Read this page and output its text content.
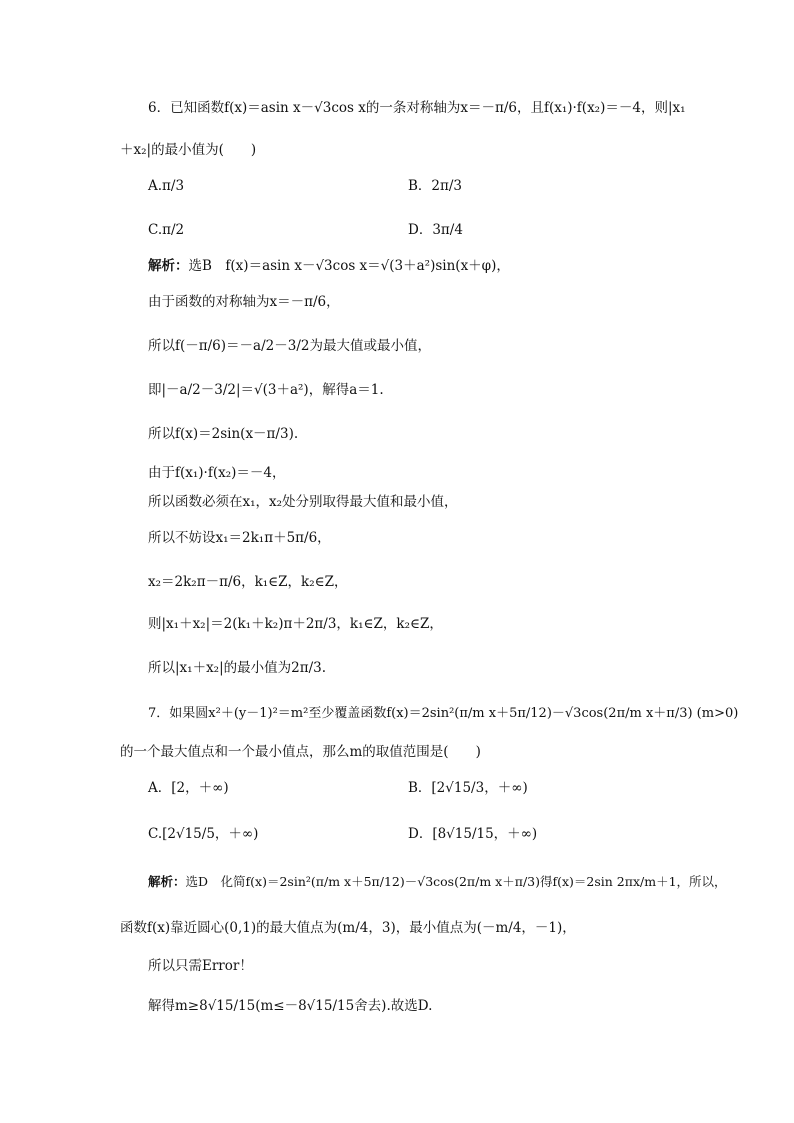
6．已知函数f(x)＝asin x－√3cos x的一条对称轴为x＝－π/6，且f(x₁)·f(x₂)＝－4，则|x₁
＋x₂|的最小值为(　　)
A.π/3	B．2π/3
C.π/2	D．3π/4
解析：选B　f(x)＝asin x－√3cos x＝√(3＋a²)sin(x＋φ)，
由于函数的对称轴为x＝－π/6，
所以f(－π/6)＝－a/2－3/2为最大值或最小值，
即|－a/2－3/2|＝√(3＋a²)，解得a＝1.
所以f(x)＝2sin(x－π/3).
由于f(x₁)·f(x₂)＝－4，
所以函数必须在x₁，x₂处分别取得最大值和最小值，
所以不妨设x₁＝2k₁π＋5π/6，
x₂＝2k₂π－π/6，k₁∈Z，k₂∈Z，
则|x₁＋x₂|＝2(k₁＋k₂)π＋2π/3，k₁∈Z，k₂∈Z，
所以|x₁＋x₂|的最小值为2π/3.
7．如果圆x²＋(y－1)²＝m²至少覆盖函数f(x)＝2sin²(π/m x＋5π/12)－√3cos(2π/m x＋π/3) (m>0)
的一个最大值点和一个最小值点，那么m的取值范围是(　　)
A．[2，＋∞)	B．[2√15/3，＋∞)
C.[2√15/5，＋∞)	D．[8√15/15，＋∞)
解析：选D　化简f(x)＝2sin²(π/m x＋5π/12)－√3cos(2π/m x＋π/3)得f(x)＝2sin 2πx/m＋1，所以，
函数f(x)靠近圆心(0,1)的最大值点为(m/4，3)，最小值点为(－m/4，－1)，
所以只需Error！
解得m≥8√15/15(m≤－8√15/15舍去).故选D.
